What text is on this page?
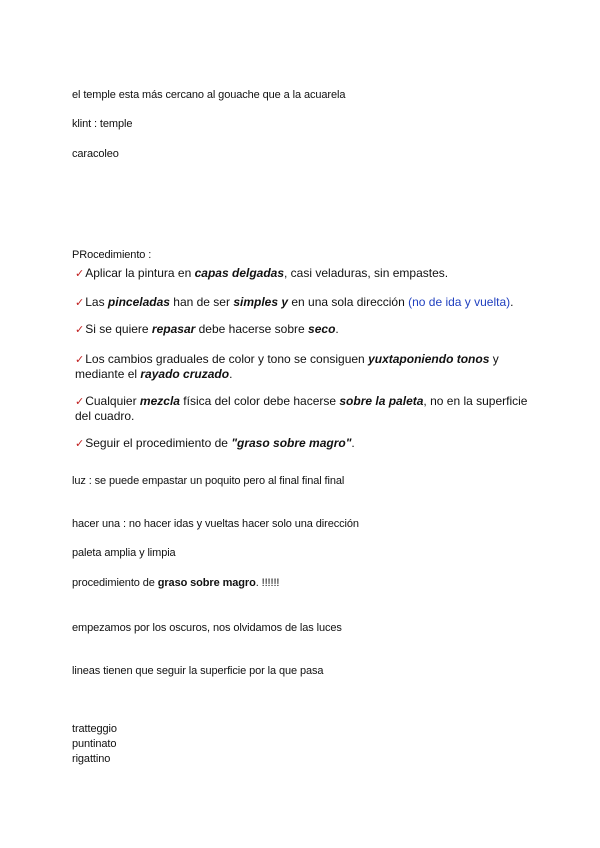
el temple esta más cercano al gouache que a la acuarela
klint : temple
caracoleo
PRocedimiento :
✓Aplicar la pintura en capas delgadas, casi veladuras, sin empastes.
✓Las pinceladas han de ser simples y en una sola dirección (no de ida y vuelta).
✓Si se quiere repasar debe hacerse sobre seco.
✓Los cambios graduales de color y tono se consiguen yuxtaponiendo tonos y mediante el rayado cruzado.
✓Cualquier mezcla física del color debe hacerse sobre la paleta, no en la superficie del cuadro.
✓Seguir el procedimiento de "graso sobre magro".
luz : se puede empastar un poquito pero al final final final
hacer una : no hacer idas y vueltas hacer solo una dirección
paleta amplia y limpia
procedimiento de graso sobre magro. !!!!!!
empezamos por los oscuros, nos olvidamos de las luces
lineas tienen que seguir la superficie por la que pasa
tratteggio
puntinato
rigattino
